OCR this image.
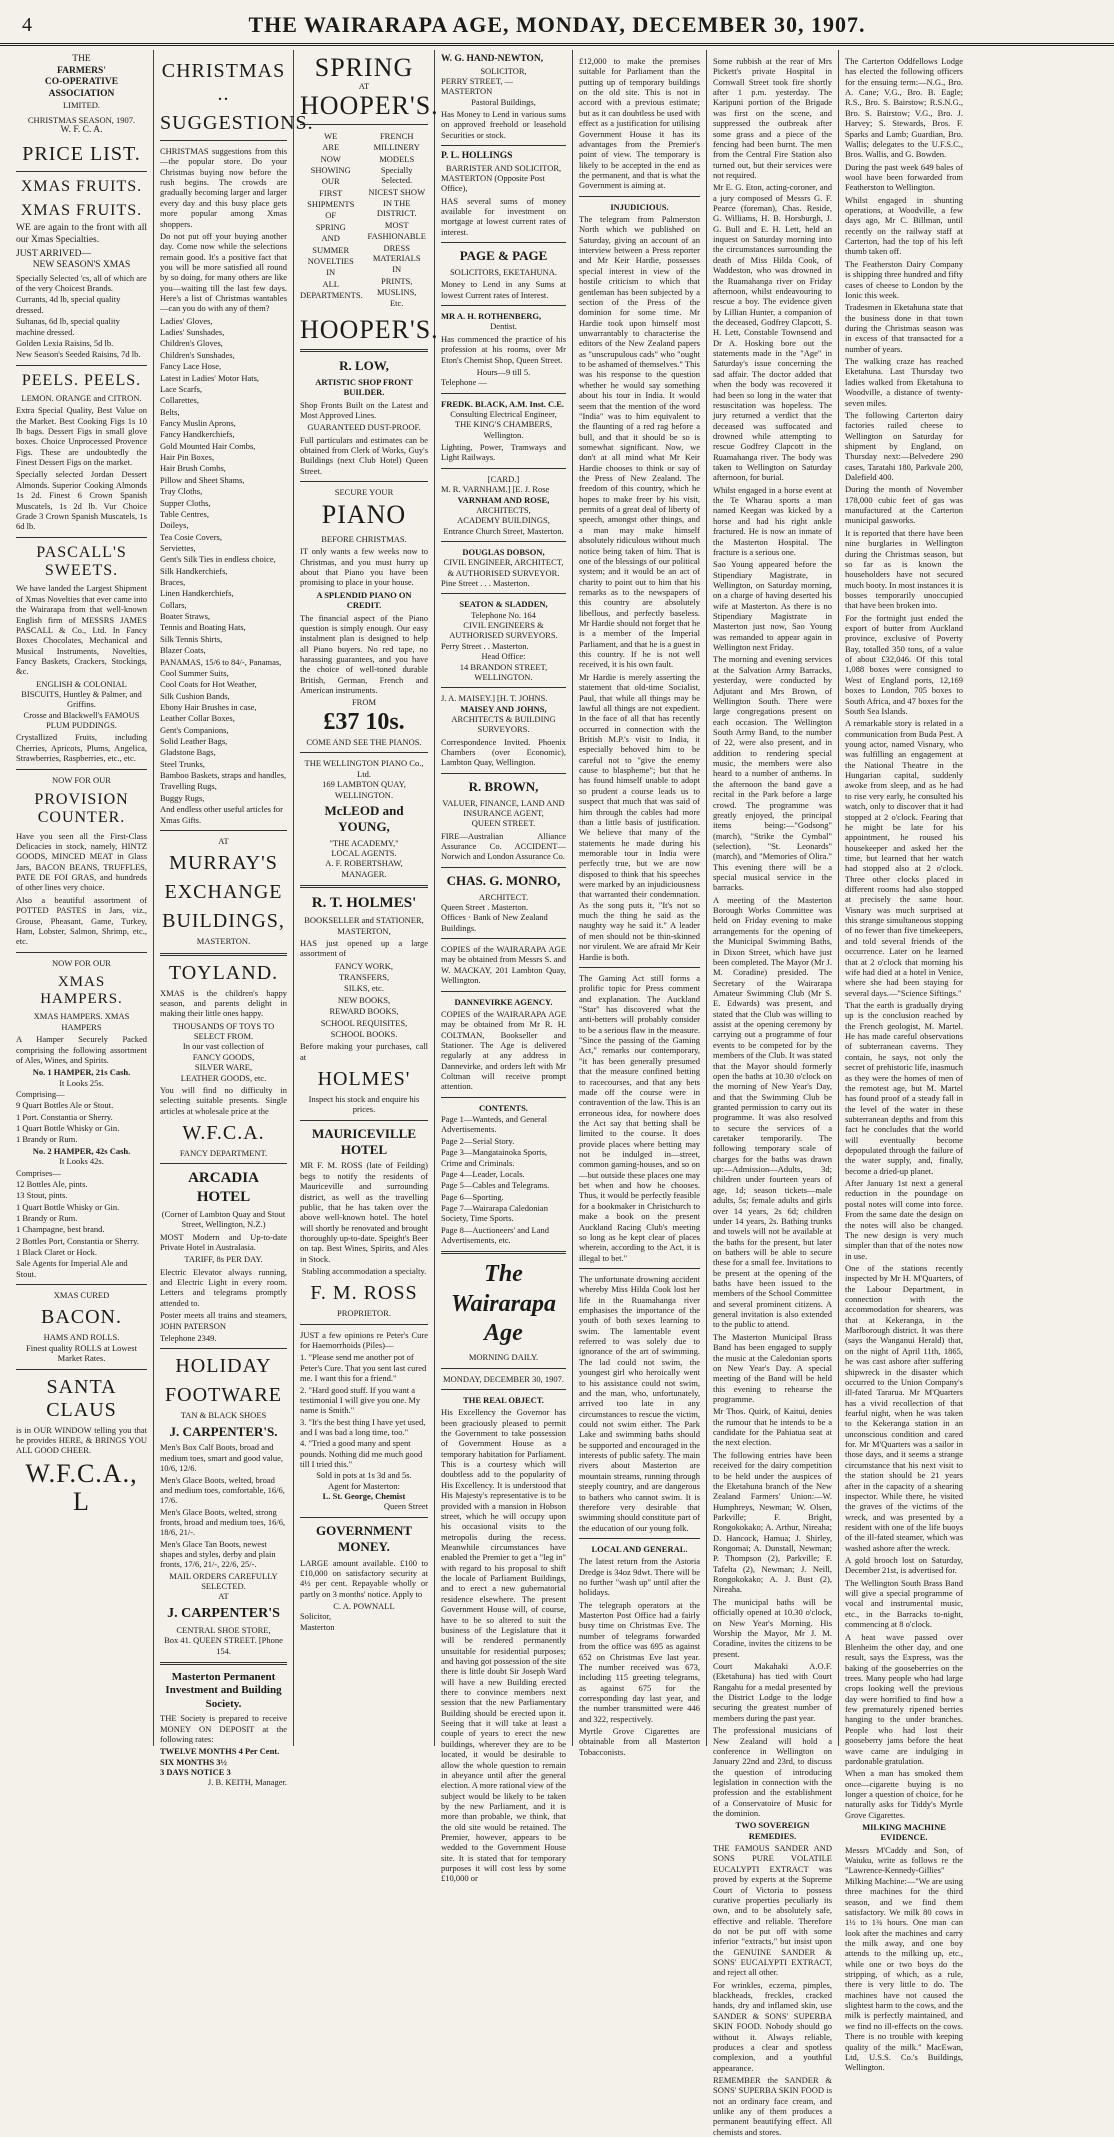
4	THE WAIRARAPA AGE, MONDAY, DECEMBER 30, 1907.
THE
FARMERS'
CO-OPERATIVE
ASSOCIATION
LIMITED.
CHRISTMAS SEASON, 1907.
W. F. C. A.
PRICE LIST.
XMAS FRUITS.
XMAS FRUITS.
WE are again to the front with all our Xmas Specialties.
JUST ARRIVED—
NEW SEASON'S XMAS
Specially Selected 'cs, all of which are of the very Choicest Brands.
Currants, 4d lb, special quality dressed.
Sultanas, 6d lb, special quality machine dressed.
Golden Lexia Raisins, 5d lb.
New Season's Seeded Raisins, 7d lb.
PEELS. PEELS.
LEMON. ORANGE and CITRON.
Extra Special Quality, Best Value on the Market. Best Cooking Figs 1s 10 lb bags. Dessert Figs in small glove boxes. Choice Unprocessed Provence Figs. These are undoubtedly the Finest Dessert Figs on the market.
Specially selected Jordan Dessert Almonds. Superior Cooking Almonds 1s 2d. Finest 6 Crown Spanish Muscatels, 1s 2d lb. Vur Choice Grade 3 Crown Spanish Muscatels, 1s 6d lb.
PASCALL'S SWEETS.
We have landed the Largest Shipment of Xmas Novelties that ever came into the Wairarapa from that well-known English firm of MESSRS JAMES PASCALL & Co., Ltd. In Fancy Boxes Chocolates, Mechanical and Musical Instruments, Novelties, Fancy Baskets, Crackers, Stockings, &c.
ENGLISH & COLONIAL BISCUITS, Huntley & Palmer, and Griffins.
Crosse and Blackwell's FAMOUS PLUM PUDDINGS.
Crystallized Fruits, including Cherries, Apricots, Plums, Angelica, Strawberries, Raspberries, etc., etc.
NOW FOR OUR
PROVISION COUNTER.
Have you seen all the First-Class Delicacies in stock, namely, HINTZ GOODS, MINCED MEAT in Glass Jars, BACON BEANS, TRUFFLES, PATE DE FOI GRAS, and hundreds of other lines very choice.
Also a beautiful assortment of POTTED PASTES in Jars, viz., Grouse, Pheasant, Game, Turkey, Ham, Lobster, Salmon, Shrimp, etc., etc.
NOW FOR OUR
XMAS HAMPERS.
XMAS HAMPERS. XMAS HAMPERS
A Hamper Securely Packed comprising the following assortment of Ales, Wines, and Spirits.
No. 1 HAMPER, 21s Cash.
It Looks 25s.
Comprising—
9 Quart Bottles Ale or Stout.
1 Port. Constantia or Sherry.
1 Quart Bottle Whisky or Gin.
1 Brandy or Rum.
No. 2 HAMPER, 42s Cash.
It Looks 42s.
Comprises—
12 Bottles Ale, pints.
13 Stout, pints.
1 Quart Bottle Whisky or Gin.
1 Brandy or Rum.
1 Champagne, best brand.
2 Bottles Port, Constantia or Sherry.
1 Black Claret or Hock.
Sale Agents for Imperial Ale and Stout.
XMAS CURED
BACON.
HAMS AND ROLLS.
Finest quality ROLLS at Lowest Market Rates.
SANTA CLAUS
is in OUR WINDOW telling you that he provides HERE, & BRINGS YOU ALL GOOD CHEER.
W.F.C.A., L
CHRISTMAS ..
SUGGESTIONS.
CHRISTMAS suggestions from this—the popular store. Do your Christmas buying now before the rush begins. The crowds are gradually becoming larger and larger every day and this busy place gets more popular among Xmas shoppers.
Do not put off your buying another day. Come now while the selections remain good. It's a positive fact that you will be more satisfied all round by so doing, for many others are like you—waiting till the last few days. Here's a list of Christmas wantables—can you do with any of them?
Ladies' Gloves,
Ladies' Sunshades,
Children's Gloves,
Children's Sunshades,
Fancy Lace Hose,
Latest in Ladies' Motor Hats,
Lace Scarfs,
Collarettes,
Belts,
Fancy Muslin Aprons,
Fancy Handkerchiefs,
Gold Mounted Hair Combs,
Hair Pin Boxes,
Hair Brush Combs,
Pillow and Sheet Shams,
Tray Cloths,
Supper Cloths,
Table Centres,
Doileys,
Tea Cosie Covers,
Serviettes,
Gent's Silk Ties in endless choice,
Silk Handkerchiefs,
Braces,
Linen Handkerchiefs,
Collars,
Boater Straws,
Tennis and Boating Hats,
Silk Tennis Shirts,
Blazer Coats,
PANAMAS, 15/6 to 84/-, Panamas,
Cool Summer Suits,
Cool Coats for Hot Weather,
Silk Cushion Bands,
Ebony Hair Brushes in case,
Leather Collar Boxes,
Gent's Companions,
Solid Leather Bags,
Gladstone Bags,
Steel Trunks,
Bamboo Baskets, straps and handles,
Travelling Rugs,
Buggy Rugs,
And endless other useful articles for Xmas Gifts.
AT
MURRAY'S
EXCHANGE
BUILDINGS,
MASTERTON.
TOYLAND.
XMAS is the children's happy season, and parents delight in making their little ones happy.
THOUSANDS OF TOYS TO SELECT FROM.
In our vast collection of
FANCY GOODS,
SILVER WARE,
LEATHER GOODS, etc.
You will find no difficulty in selecting suitable presents. Single articles at wholesale price at the
W.F.C.A.
FANCY DEPARTMENT.
ARCADIA HOTEL
(Corner of Lambton Quay and Stout Street, Wellington, N.Z.)
MOST Modern and Up-to-date Private Hotel in Australasia.
TARIFF, 8s PER DAY.
Electric Elevator always running, and Electric Light in every room. Letters and telegrams promptly attended to.
Poster meets all trains and steamers, JOHN PATERSON
Telephone 2349.
HOLIDAY
FOOTWARE
TAN & BLACK SHOES
J. CARPENTER'S.
Men's Box Calf Boots, broad and medium toes, smart and good value, 10/6, 12/6.
Men's Glace Boots, welted, broad and medium toes, comfortable, 16/6, 17/6.
Men's Glace Boots, welted, strong fronts, broad and medium toes, 16/6, 18/6, 21/-.
Men's Glace Tan Boots, newest shapes and styles, derby and plain fronts, 17/6, 21/-, 22/6, 25/-.
MAIL ORDERS CAREFULLY SELECTED.
AT
J. CARPENTER'S
CENTRAL SHOE STORE,
Box 41. QUEEN STREET. [Phone 154.
Masterton Permanent Investment and Building Society.
THE Society is prepared to receive MONEY ON DEPOSIT at the following rates:
TWELVE MONTHS 4 Per Cent.
SIX MONTHS 3½
3 DAYS NOTICE 3
J. B. KEITH, Manager.
SPRING
AT
HOOPER'S.
WE
ARE
NOW
SHOWING
OUR
FIRST
SHIPMENTS
OF
SPRING
AND
SUMMER
NOVELTIES
IN
ALL
DEPARTMENTS.
FRENCH
MILLINERY
MODELS
Specially Selected.
NICEST SHOW
IN THE DISTRICT.
MOST
FASHIONABLE
DRESS MATERIALS
IN
PRINTS,
MUSLINS,
Etc.
HOOPER'S.
R. LOW,
ARTISTIC SHOP FRONT BUILDER.
Shop Fronts Built on the Latest and Most Approved Lines.
GUARANTEED DUST-PROOF.
Full particulars and estimates can be obtained from Clerk of Works, Guy's Buildings (next Club Hotel) Queen Street.
SECURE YOUR
PIANO
BEFORE CHRISTMAS.
IT only wants a few weeks now to Christmas, and you must hurry up about that Piano you have been promising to place in your house.
A SPLENDID PIANO ON CREDIT.
The financial aspect of the Piano question is simply enough. Our easy instalment plan is designed to help all Piano buyers. No red tape, no harassing guarantees, and you have the choice of well-toned durable British, German, French and American instruments.
FROM
£37 10s.
COME AND SEE THE PIANOS.
THE WELLINGTON PIANO Co., Ltd.
169 LAMBTON QUAY,
WELLINGTON.
McLEOD and YOUNG,
"THE ACADEMY,"
LOCAL AGENTS.
A. F. ROBERTSHAW,
MANAGER.
R. T. HOLMES'
BOOKSELLER and STATIONER,
MASTERTON,
HAS just opened up a large assortment of
FANCY WORK,
TRANSFERS,
SILKS, etc.
NEW BOOKS,
REWARD BOOKS,
SCHOOL REQUISITES,
SCHOOL BOOKS.
Before making your purchases, call at
HOLMES'
Inspect his stock and enquire his prices.
MAURICEVILLE HOTEL
MR F. M. ROSS (late of Feilding) begs to notify the residents of Mauriceville and surrounding district, as well as the travelling public, that he has taken over the above well-known hotel. The hotel will shortly be renovated and brought thoroughly up-to-date. Speight's Beer on tap. Best Wines, Spirits, and Ales in Stock.
Stabling accommodation a specialty.
F. M. ROSS
PROPRIETOR.
JUST a few opinions re Peter's Cure for Haemorrhoids (Piles)—
1. "Please send me another pot of Peter's Cure. That you sent last cured me. I want this for a friend."
2. "Hard good stuff. If you want a testimonial I will give you one. My name is Smith."
3. "It's the best thing I have yet used, and I was bad a long time, too."
4. "Tried a good many and spent pounds. Nothing did me much good till I tried this."
Sold in pots at 1s 3d and 5s.
Agent for Masterton:
L. St. George, Chemist
Queen Street
GOVERNMENT MONEY.
LARGE amount available. £100 to £10,000 on satisfactory security at 4½ per cent. Repayable wholly or partly on 3 months' notice. Apply to
C. A. POWNALL
Solicitor,
Masterton
W. G. HAND-NEWTON,
SOLICITOR,
PERRY STREET, — MASTERTON
Pastoral Buildings,
Has Money to Lend in various sums on approved freehold or leasehold Securities or stock.
P. L. HOLLINGS
BARRISTER AND SOLICITOR,
MASTERTON (Opposite Post Office),
HAS several sums of money available for investment on mortgage at lowest current rates of interest.
PAGE & PAGE
SOLICITORS, EKETAHUNA.
Money to Lend in any Sums at lowest Current rates of Interest.
MR A. H. ROTHENBERG,
Dentist.
Has commenced the practice of his profession at his rooms, over Mr Eton's Chemist Shop, Queen Street.
Hours—9 till 5.
Telephone —
FREDK. BLACK, A.M. Inst. C.E.
Consulting Electrical Engineer,
THE KING'S CHAMBERS,
Wellington.
Lighting, Power, Tramways and Light Railways.
[CARD.]
M. R. VARNHAM.] [E. J. Rose
VARNHAM AND ROSE,
ARCHITECTS,
ACADEMY BUILDINGS,
Entrance Church Street, Masterton.
DOUGLAS DOBSON,
CIVIL ENGINEER, ARCHITECT, & AUTHORISED SURVEYOR.
Pine Street . . . Masterton.
SEATON & SLADDEN,
Telephone No. 164
CIVIL ENGINEERS & AUTHORISED SURVEYORS.
Perry Street . . Masterton.
Head Office:
14 BRANDON STREET, WELLINGTON.
J. A. MAISEY.] [H. T. JOHNS.
MAISEY AND JOHNS,
ARCHITECTS & BUILDING SURVEYORS.
Correspondence Invited. Phoenix Chambers (over Economic), Lambton Quay, Wellington.
R. BROWN,
VALUER, FINANCE, LAND AND INSURANCE AGENT,
QUEEN STREET.
FIRE—Australian Alliance Assurance Co. ACCIDENT—Norwich and London Assurance Co.
CHAS. G. MONRO,
ARCHITECT.
Queen Street . Masterton.
Offices · Bank of New Zealand Buildings.
COPIES of the WAIRARAPA AGE may be obtained from Messrs S. and W. MACKAY, 201 Lambton Quay, Wellington.
DANNEVIRKE AGENCY.
COPIES of the WAIRARAPA AGE may be obtained from Mr R. H. COLTMAN, Bookseller and Stationer. The Age is delivered regularly at any address in Dannevirke, and orders left with Mr Coltman will receive prompt attention.
CONTENTS.
Page 1—Wanteds, and General Advertisements.
Page 2—Serial Story.
Page 3—Mangatainoka Sports, Crime and Criminals.
Page 4—Leader, Locals.
Page 5—Cables and Telegrams.
Page 6—Sporting.
Page 7—Wairarapa Caledonian Society, Time Sports.
Page 8—Auctioneers' and Land Advertisements, etc.
The Wairarapa Age
MORNING DAILY.
MONDAY, DECEMBER 30, 1907.
THE REAL OBJECT.
His Excellency the Governor has been graciously pleased to permit the Government to take possession of Government House as a temporary habitation for Parliament. This is a courtesy which will doubtless add to the popularity of His Excellency. It is understood that His Majesty's representative is to be provided with a mansion in Hobson street, which he will occupy upon his occasional visits to the metropolis during the recess. Meanwhile circumstances have enabled the Premier to get a "leg in" with regard to his proposal to shift the locale of Parliament Buildings, and to erect a new gubernatorial residence elsewhere. The present Government House will, of course, have to be so altered to suit the business of the Legislature that it will be rendered permanently unsuitable for residential purposes; and having got possession of the site there is little doubt Sir Joseph Ward will have a new Building erected there to convince members next session that the new Parliamentary Building should be erected upon it. Seeing that it will take at least a couple of years to erect the new buildings, wherever they are to be located, it would be desirable to allow the whole question to remain in abeyance until after the general election. A more rational view of the subject would be likely to be taken by the new Parliament, and it is more than probable, we think, that the old site would be retained. The Premier, however, appears to be wedded to the Government House site. It is stated that for temporary purposes it will cost less by some £10,000 or
£12,000 to make the premises suitable for Parliament than the putting up of temporary buildings on the old site. This is not in accord with a previous estimate; but as it can doubtless be used with effect as a justification for utilising Government House it has its advantages from the Premier's point of view. The temporary is likely to be accepted in the end as the permanent, and that is what the Government is aiming at.
INJUDICIOUS.
The telegram from Palmerston North which we published on Saturday, giving an account of an interview between a Press reporter and Mr Keir Hardie, possesses special interest in view of the hostile criticism to which that gentleman has been subjected by a section of the Press of the dominion for some time. Mr Hardie took upon himself most unwarrantably to characterise the editors of the New Zealand papers as "unscrupulous cads" who "ought to be ashamed of themselves." This was his response to the question whether he would say something about his tour in India. It would seem that the mention of the word "India" was to him equivalent to the flaunting of a red rag before a bull, and that it should be so is somewhat significant. Now, we don't at all mind what Mr Keir Hardie chooses to think or say of the Press of New Zealand. The freedom of this country, which he hopes to make freer by his visit, permits of a great deal of liberty of speech, amongst other things, and a man may make himself absolutely ridiculous without much notice being taken of him. That is one of the blessings of our political system; and it would be an act of charity to point out to him that his remarks as to the newspapers of this country are absolutely libellous, and perfectly baseless. Mr Hardie should not forget that he is a member of the Imperial Parliament, and that he is a guest in this country. If he is not well received, it is his own fault.
Mr Hardie is merely asserting the statement that old-time Socialist, Paul, that while all things may be lawful all things are not expedient. In the face of all that has recently occurred in connection with the British M.P.'s visit to India, it especially behoved him to be careful not to "give the enemy cause to blaspheme"; but that he has found himself unable to adopt so prudent a course leads us to suspect that much that was said of him through the cables had more than a little basis of justification. We believe that many of the statements he made during his memorable tour in India were perfectly true, but we are now disposed to think that his speeches were marked by an injudiciousness that warranted their condemnation. As the song puts it, "It's not so much the thing he said as the naughty way he said it." A leader of men should not be thin-skinned nor virulent. We are afraid Mr Keir Hardie is both.
The Gaming Act still forms a prolific topic for Press comment and explanation. The Auckland "Star" has discovered what the anti-betters will probably consider to be a serious flaw in the measure. "Since the passing of the Gaming Act," remarks our contemporary, "it has been generally presumed that the measure confined betting to racecourses, and that any bets made off the course were in contravention of the law. This is an erroneous idea, for nowhere does the Act say that betting shall be limited to the course. It does provide places where betting may not be indulged in—street, common gaming-houses, and so on—but outside these places one may bet when and how he chooses. Thus, it would be perfectly feasible for a bookmaker in Christchurch to make a book on the present Auckland Racing Club's meeting so long as he kept clear of places wherein, according to the Act, it is illegal to bet."
The unfortunate drowning accident whereby Miss Hilda Cook lost her life in the Ruamahanga river emphasises the importance of the youth of both sexes learning to swim. The lamentable event referred to was solely due to ignorance of the art of swimming. The lad could not swim, the youngest girl who heroically went to his assistance could not swim, and the man, who, unfortunately, arrived too late in any circumstances to rescue the victim, could not swim either. The Park Lake and swimming baths should be supported and encouraged in the interests of public safety. The main rivers about Masterton are mountain streams, running through steeply country, and are dangerous to bathers who cannot swim. It is therefore very desirable that swimming should constitute part of the education of our young folk.
LOCAL AND GENERAL.
The latest return from the Astoria Dredge is 34oz 9dwt. There will be no further "wash up" until after the holidays.
The telegraph operators at the Masterton Post Office had a fairly busy time on Christmas Eve. The number of telegrams forwarded from the office was 695 as against 652 on Christmas Eve last year. The number received was 673, including 115 greeting telegrams, as against 675 for the corresponding day last year, and the number transmitted were 446 and 322, respectively.
Myrtle Grove Cigarettes are obtainable from all Masterton Tobacconists.
Some rubbish at the rear of Mrs Pickett's private Hospital in Cornwall Street took fire shortly after 1 p.m. yesterday. The Karipuni portion of the Brigade was first on the scene, and suppressed the outbreak after some grass and a piece of the fencing had been burnt. The men from the Central Fire Station also turned out, but their services were not required.
Mr E. G. Eton, acting-coroner, and a jury composed of Messrs G. F. Pearce (foreman), Chas. Reside, G. Williams, H. B. Horsburgh, J. G. Bull and E. H. Lett, held an inquest on Saturday morning into the circumstances surrounding the death of Miss Hilda Cook, of Waddeston, who was drowned in the Ruamahanga river on Friday afternoon, whilst endeavouring to rescue a boy. The evidence given by Lillian Hunter, a companion of the deceased, Godfrey Clapcott, S. H. Lett, Constable Townsend and Dr A. Hosking bore out the statements made in the "Age" in Saturday's issue concerning the sad affair. The doctor added that when the body was recovered it had been so long in the water that resuscitation was hopeless. The jury returned a verdict that the deceased was suffocated and drowned while attempting to rescue Godfrey Clapcott in the Ruamahanga river. The body was taken to Wellington on Saturday afternoon, for burial.
Whilst engaged in a horse event at the Te Wharau sports a man named Keegan was kicked by a horse and had his right ankle fractured. He is now an inmate of the Masterton Hospital. The fracture is a serious one.
Sao Young appeared before the Stipendiary Magistrate, in Wellington, on Saturday morning, on a charge of having deserted his wife at Masterton. As there is no Stipendiary Magistrate in Masterton just now, Sao Young was remanded to appear again in Wellington next Friday.
The morning and evening services at the Salvation Army Barracks, yesterday, were conducted by Adjutant and Mrs Brown, of Wellington South. There were large congregations present on each occasion. The Wellington South Army Band, to the number of 22, were also present, and in addition to rendering special music, the members were also heard to a number of anthems. In the afternoon the band gave a recital in the Park before a large crowd. The programme was greatly enjoyed, the principal items being:—"Godsong" (march), "Strike the Cymbal" (selection), "St. Leonards" (march), and "Memories of Olira." This evening there will be a special musical service in the barracks.
A meeting of the Masterton Borough Works Committee was held on Friday evening to make arrangements for the opening of the Municipal Swimming Baths, in Dixon Street, which have just been completed. The Mayor (Mr J. M. Coradine) presided. The Secretary of the Wairarapa Amateur Swimming Club (Mr S. E. Edwards) was present, and stated that the Club was willing to assist at the opening ceremony by carrying out a programme of four events to be competed for by the members of the Club. It was stated that the Mayor should formerly open the baths at 10.30 o'clock on the morning of New Year's Day, and that the Swimming Club be granted permission to carry out its programme. It was also resolved to secure the services of a caretaker temporarily. The following temporary scale of charges for the baths was drawn up:—Admission—Adults, 3d; children under fourteen years of age, 1d; season tickets—male adults, 5s; female adults and girls over 14 years, 2s 6d; children under 14 years, 2s. Bathing trunks and towels will not be available at the baths for the present, but later on bathers will be able to secure these for a small fee. Invitations to be present at the opening of the baths have been issued to the members of the School Committee and several prominent citizens. A general invitation is also extended to the public to attend.
The Masterton Municipal Brass Band has been engaged to supply the music at the Caledonian sports on New Year's Day. A special meeting of the Band will be held this evening to rehearse the programme.
Mr Thos. Quirk, of Kaitui, denies the rumour that he intends to be a candidate for the Pahiatua seat at the next election.
The following entries have been received for the dairy competition to be held under the auspices of the Eketahuna branch of the New Zealand Farmers' Union:—W. Humphreys, Newman; W. Olsen, Parkville; F. Bright, Rongokokako; A. Arthur, Nireaha; D. Hancock, Hamua; J. Shirley, Rongomai; A. Dunstall, Newman; P. Thompson (2), Parkville; F. Tafelta (2), Newman; J. Neill, Rongokokako; A. J. Bust (2), Nireaha.
The municipal baths will be officially opened at 10.30 o'clock, on New Year's Morning. His Worship the Mayor, Mr J. M. Coradine, invites the citizens to be present.
Court Makahaki A.O.F. (Eketahuna) has tied with Court Rangahu for a medal presented by the District Lodge to the lodge securing the greatest number of members during the past year.
The professional musicians of New Zealand will hold a conference in Wellington on January 22nd and 23rd, to discuss the question of introducing legislation in connection with the profession and the establishment of a Conservatoire of Music for the dominion.
TWO SOVEREIGN REMEDIES.
THE FAMOUS SANDER AND SONS PURE VOLATILE EUCALYPTI EXTRACT was proved by experts at the Supreme Court of Victoria to possess curative properties peculiarly its own, and to be absolutely safe, effective and reliable. Therefore do not be put off with some inferior "extracts," but insist upon the GENUINE SANDER & SONS' EUCALYPTI EXTRACT, and reject all other.
For wrinkles, eczema, pimples, blackheads, freckles, cracked hands, dry and inflamed skin, use SANDER & SONS' SUPERBA SKIN FOOD. Nobody should go without it. Always reliable, produces a clear and spotless complexion, and a youthful appearance.
REMEMBER the SANDER & SONS' SUPERBA SKIN FOOD is not an ordinary face cream, and unlike any of them produces a permanent beautifying effect. All chemists and stores.
The Carterton Oddfellows Lodge has elected the following officers for the ensuing term:—N.G., Bro. A. Cane; V.G., Bro. B. Eagle; R.S., Bro. S. Bairstow; R.S.N.G., Bro. S. Bairstow; V.G., Bro. J. Harvey; S. Stewards, Bros. F. Sparks and Lamb; Guardian, Bro. Wallis; delegates to the U.F.S.C., Bros. Wallis, and G. Bowden.
During the past week 649 bales of wool have been forwarded from Featherston to Wellington.
Whilst engaged in shunting operations, at Woodville, a few days ago, Mr C. Billman, until recently on the railway staff at Carterton, had the top of his left thumb taken off.
The Featherston Dairy Company is shipping three hundred and fifty cases of cheese to London by the Ionic this week.
Tradesmen in Eketahuna state that the business done in that town during the Christmas season was in excess of that transacted for a number of years.
The walking craze has reached Eketahuna. Last Thursday two ladies walked from Eketahuna to Woodville, a distance of twenty-seven miles.
The following Carterton dairy factories railed cheese to Wellington on Saturday for shipment by England, on Thursday next:—Belvedere 290 cases, Taratahi 180, Parkvale 200, Dalefield 400.
During the month of November 178,000 cubic feet of gas was manufactured at the Carterton municipal gasworks.
It is reported that there have been nine burglaries in Wellington during the Christmas season, but so far as is known the householders have not secured much booty. In most instances it is bosses temporarily unoccupied that have been broken into.
For the fortnight just ended the export of butter from Auckland province, exclusive of Poverty Bay, totalled 350 tons, of a value of about £32,046. Of this total 1,088 boxes were consigned to West of England ports, 12,169 boxes to London, 705 boxes to South Africa, and 47 boxes for the South Sea Islands.
A remarkable story is related in a communication from Buda Pest. A young actor, named Visnary, who was fulfilling an engagement at the National Theatre in the Hungarian capital, suddenly awoke from sleep, and as he had to rise very early, he consulted his watch, only to discover that it had stopped at 2 o'clock. Fearing that he might be late for his appointment, he roused his housekeeper and asked her the time, but learned that her watch had stopped also at 2 o'clock. Three other clocks placed in different rooms had also stopped at precisely the same hour. Visnary was much surprised at this strange simultaneous stopping of no fewer than five timekeepers, and told several friends of the occurrence. Later on he learned that at 2 o'clock that morning his wife had died at a hotel in Venice, where she had been staying for several days.—"Science Siftings."
That the earth is gradually drying up is the conclusion reached by the French geologist, M. Martel. He has made careful observations of subterranean caverns. They contain, he says, not only the secret of prehistoric life, inasmuch as they were the homes of men of the remotest age, but M. Martel has found proof of a steady fall in the level of the water in these subterranean depths and from this fact he concludes that the world will eventually become depopulated through the failure of the water supply, and, finally, become a dried-up planet.
After January 1st next a general reduction in the poundage on postal notes will come into force. From the same date the design on the notes will also be changed. The new design is very much simpler than that of the notes now in use.
One of the stations recently inspected by Mr H. M'Quarters, of the Labour Department, in connection with the accommodation for shearers, was that at Kekeranga, in the Marlborough district. It was there (says the Wanganui Herald) that, on the night of April 11th, 1865, he was cast ashore after suffering shipwreck in the disaster which occurred to the Union Company's ill-fated Tararua. Mr M'Quarters has a vivid recollection of that fearful night, when he was taken to the Kekeranga station in an unconscious condition and cared for. Mr M'Quarters was a sailor in those days, and it seems a strange circumstance that his next visit to the station should be 21 years after in the capacity of a shearing inspector. While there, he visited the graves of the victims of the wreck, and was presented by a resident with one of the life buoys of the ill-fated steamer, which was washed ashore after the wreck.
A gold brooch lost on Saturday, December 21st, is advertised for.
The Wellington South Brass Band will give a special programme of vocal and instrumental music, etc., in the Barracks to-night, commencing at 8 o'clock.
A heat wave passed over Blenheim the other day, and one result, says the Express, was the baking of the gooseberries on the trees. Many people who had large crops looking well the previous day were horrified to find how a few prematurely ripened berries hanging to the under branches. People who had lost their gooseberry jams before the heat wave came are indulging in pardonable gratulation.
When a man has smoked them once—cigarette buying is no longer a question of choice, for he naturally asks for Tiddy's Myrtle Grove Cigarettes.
MILKING MACHINE EVIDENCE.
Messrs M'Caddy and Son, of Waiuku, write as follows re the "Lawrence-Kennedy-Gillies" Milking Machine:—"We are using three machines for the third season, and we find them satisfactory. We milk 80 cows in 1½ to 1¾ hours. One man can look after the machines and carry the milk away, and one boy attends to the milking up, etc., while one or two boys do the stripping, of which, as a rule, there is very little to do. The machines have not caused the slightest harm to the cows, and the milk is perfectly maintained, and we find no ill-effects on the cows. There is no trouble with keeping quality of the milk." MacEwan, Ltd, U.S.S. Co.'s Buildings, Wellington.
